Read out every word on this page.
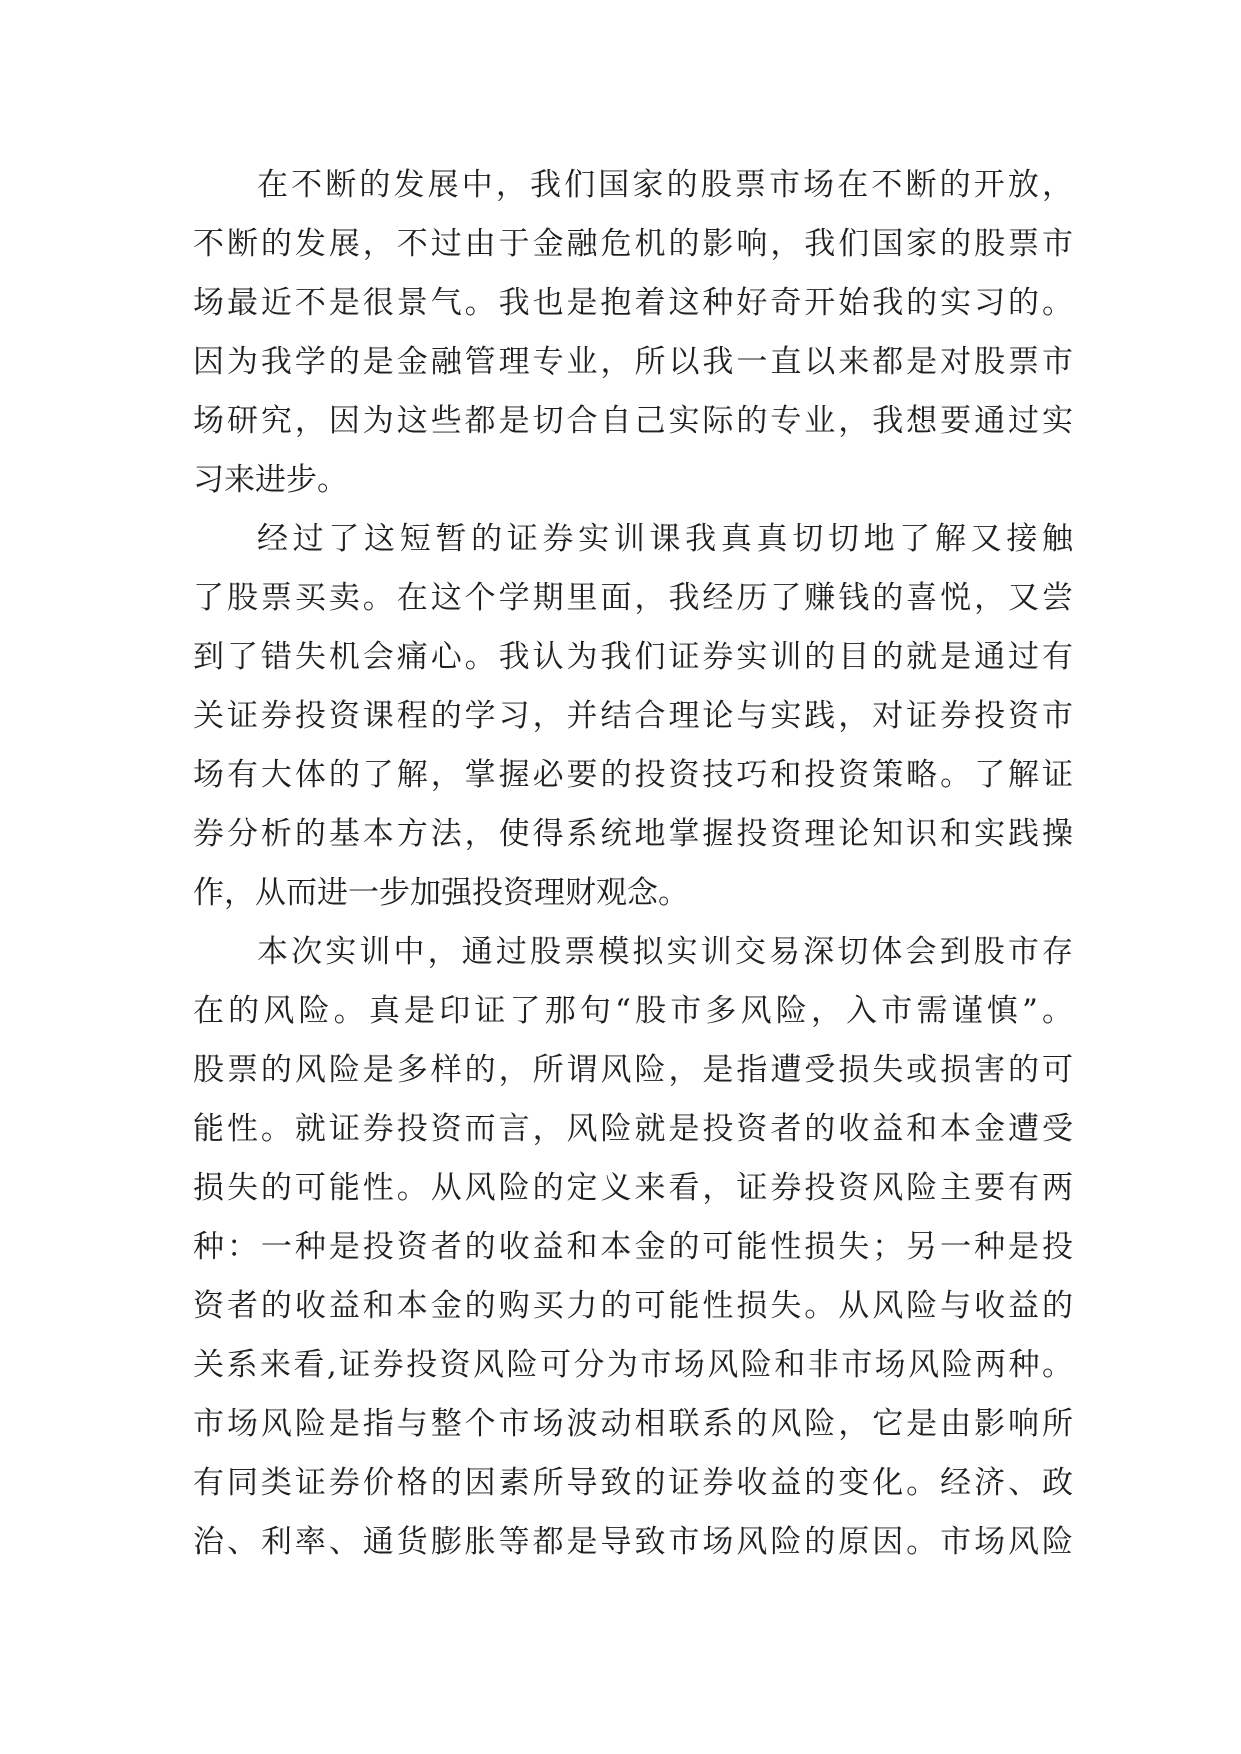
在不断的发展中，我们国家的股票市场在不断的开放，
不断的发展，不过由于金融危机的影响，我们国家的股票市
场最近不是很景气。我也是抱着这种好奇开始我的实习的。
因为我学的是金融管理专业，所以我一直以来都是对股票市
场研究，因为这些都是切合自己实际的专业，我想要通过实
习来进步。
经过了这短暂的证券实训课我真真切切地了解又接触
了股票买卖。在这个学期里面，我经历了赚钱的喜悦，又尝
到了错失机会痛心。我认为我们证券实训的目的就是通过有
关证券投资课程的学习，并结合理论与实践，对证券投资市
场有大体的了解，掌握必要的投资技巧和投资策略。了解证
券分析的基本方法，使得系统地掌握投资理论知识和实践操
作，从而进一步加强投资理财观念。
本次实训中，通过股票模拟实训交易深切体会到股市存
在的风险。真是印证了那句“股市多风险，入市需谨慎”。
股票的风险是多样的，所谓风险，是指遭受损失或损害的可
能性。就证券投资而言，风险就是投资者的收益和本金遭受
损失的可能性。从风险的定义来看，证券投资风险主要有两
种：一种是投资者的收益和本金的可能性损失；另一种是投
资者的收益和本金的购买力的可能性损失。从风险与收益的
关系来看,证券投资风险可分为市场风险和非市场风险两种。
市场风险是指与整个市场波动相联系的风险，它是由影响所
有同类证券价格的因素所导致的证券收益的变化。经济、政
治、利率、通货膨胀等都是导致市场风险的原因。市场风险
